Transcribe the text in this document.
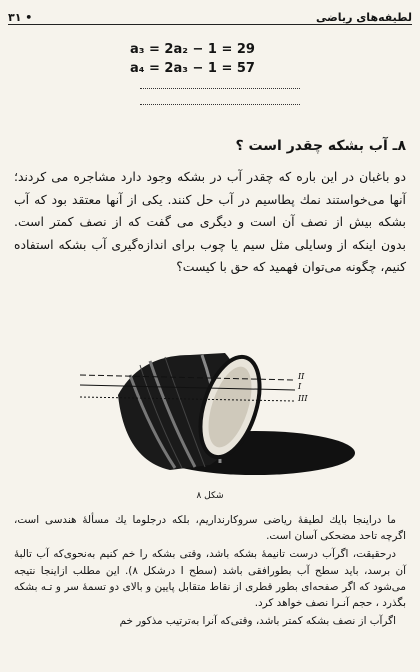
۳۱ •	لطیفه‌های ریاضی
a₃ = 2a₂ − 1 = 29
a₄ = 2a₃ − 1 = 57
۸ـ آب بشکه چقدر است ؟
دو باغبان در این باره که چقدر آب در بشکه وجود دارد مشاجره می کردند؛ آنها می‌خواستند نمك پطاسیم در آب حل کنند. یکی از آنها معتقد بود که آب بشکه بیش از نصف آن است و دیگری می گفت که از نصف کمتر است. بدون اینکه از وسایلی مثل سیم یا چوب برای اندازه‌گیری آب بشکه استفاده کنیم، چگونه می‌توان فهمید که حق با کیست؟
II
I
III
شکل ۸

ما دراینجا بایك لطیفهٔ ریاضی سروکارنداریم، بلکه درجلوما یك مسألهٔ هندسی است، اگرچه تاحد مضحکی آسان است.

درحقیقت، اگرآب درست تانیمهٔ بشکه باشد، وقتی بشکه را خم کنیم به‌نحوی‌که آب تالبهٔ آن برسد، باید سطح آب بطورافقی باشد (سطح I درشکل ۸). این مطلب ازاینجا نتیجه می‌شود که اگر صفحه‌ای بطور قطری از نقاط متقابل پایین و بالای دو تسمهٔ سر و تـه بشکه بگذرد ، حجم آنـرا نصف خواهد کرد.

اگرآب از نصف بشکه کمتر باشد، وقتی‌که آنرا به‌ترتیب مذکور خم
